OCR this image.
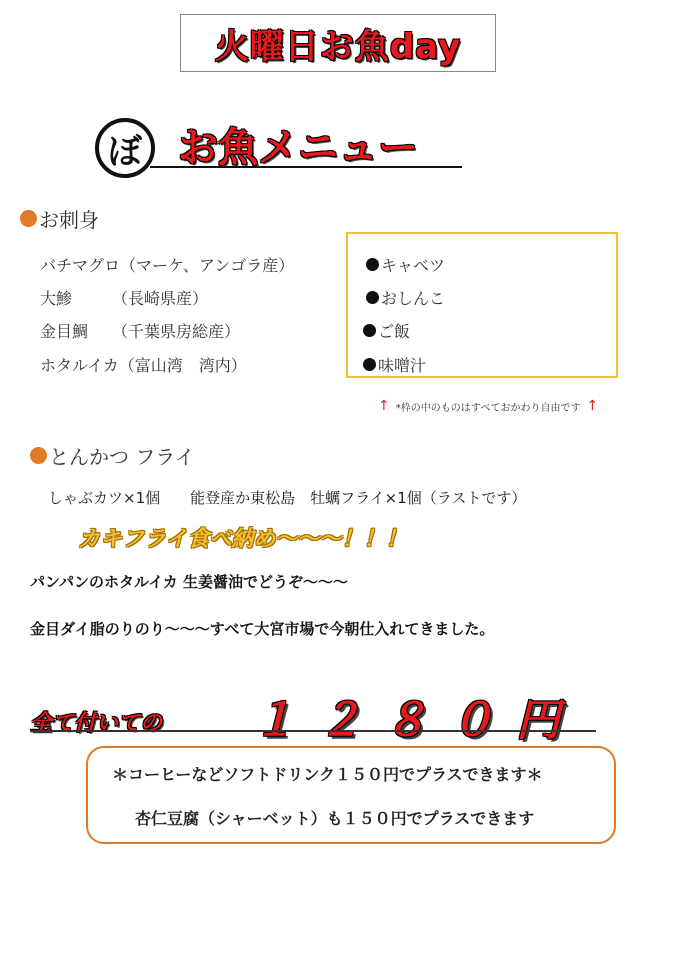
火曜日お魚day
ぼ お魚メニュー
お刺身
バチマグロ（マーケ、アンゴラ産）
大鯵　　　（長崎県産）
金目鯛　　（千葉県房総産）
ホタルイカ（富山湾　湾内）
キャベツ
おしんこ
ご飯
味噌汁
↑ *枠の中のものはすべておかわり自由です ↑
とんかつ フライ
しゃぶカツ×1個　　能登産か東松島　牡蠣フライ×1個（ラストです）
カキフライ食べ納め～～～！！！
パンパンのホタルイカ 生姜醤油でどうぞ～～～
金目ダイ脂のりのり～～～すべて大宮市場で今朝仕入れてきました。
全て付いての １２８０円
＊コーヒーなどソフトドリンク１５０円でプラスできます＊
杏仁豆腐（シャーベット）も１５０円でプラスできます
